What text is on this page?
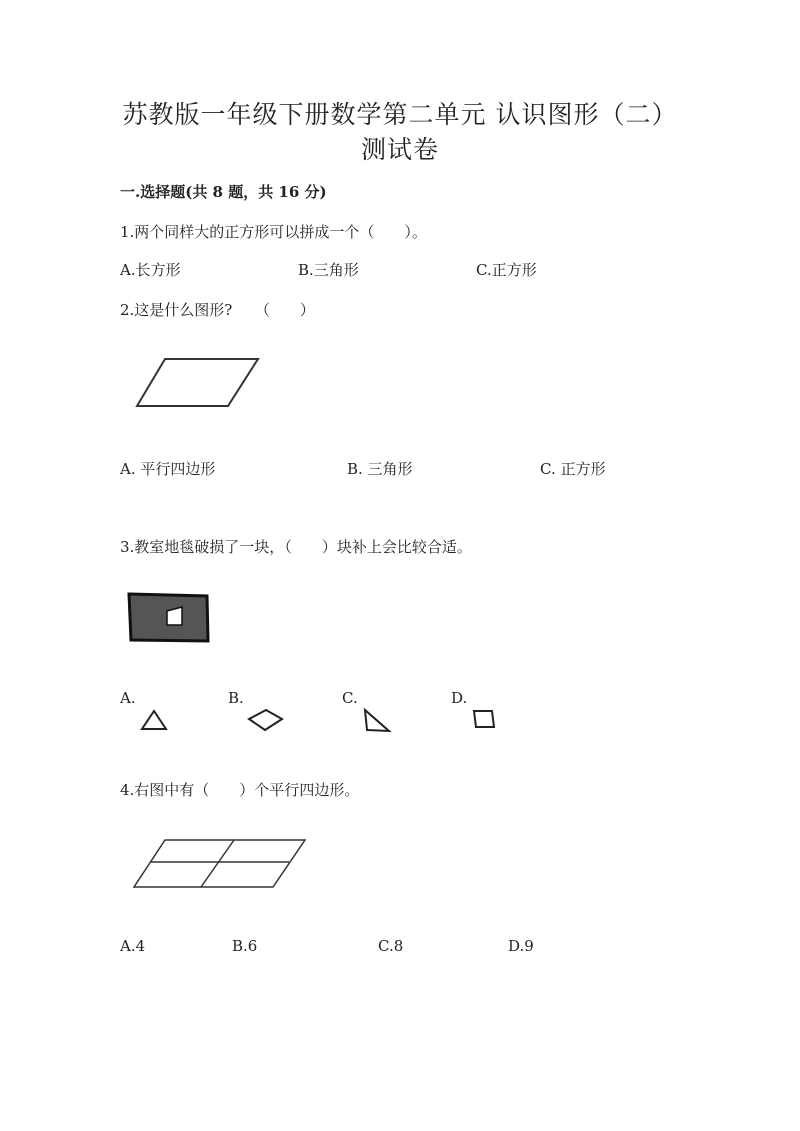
苏教版一年级下册数学第二单元 认识图形（二）
测试卷
一.选择题(共 8 题，共 16 分)
1.两个同样大的正方形可以拼成一个（　　）。
A.长方形	B.三角形	C.正方形
2.这是什么图形?　　（　　）
A. 平行四边形	B. 三角形	C. 正方形
3.教室地毯破损了一块，（　　）块补上会比较合适。
A.	B.	C.	D.
4.右图中有（　　）个平行四边形。
A.4	B.6	C.8	D.9
